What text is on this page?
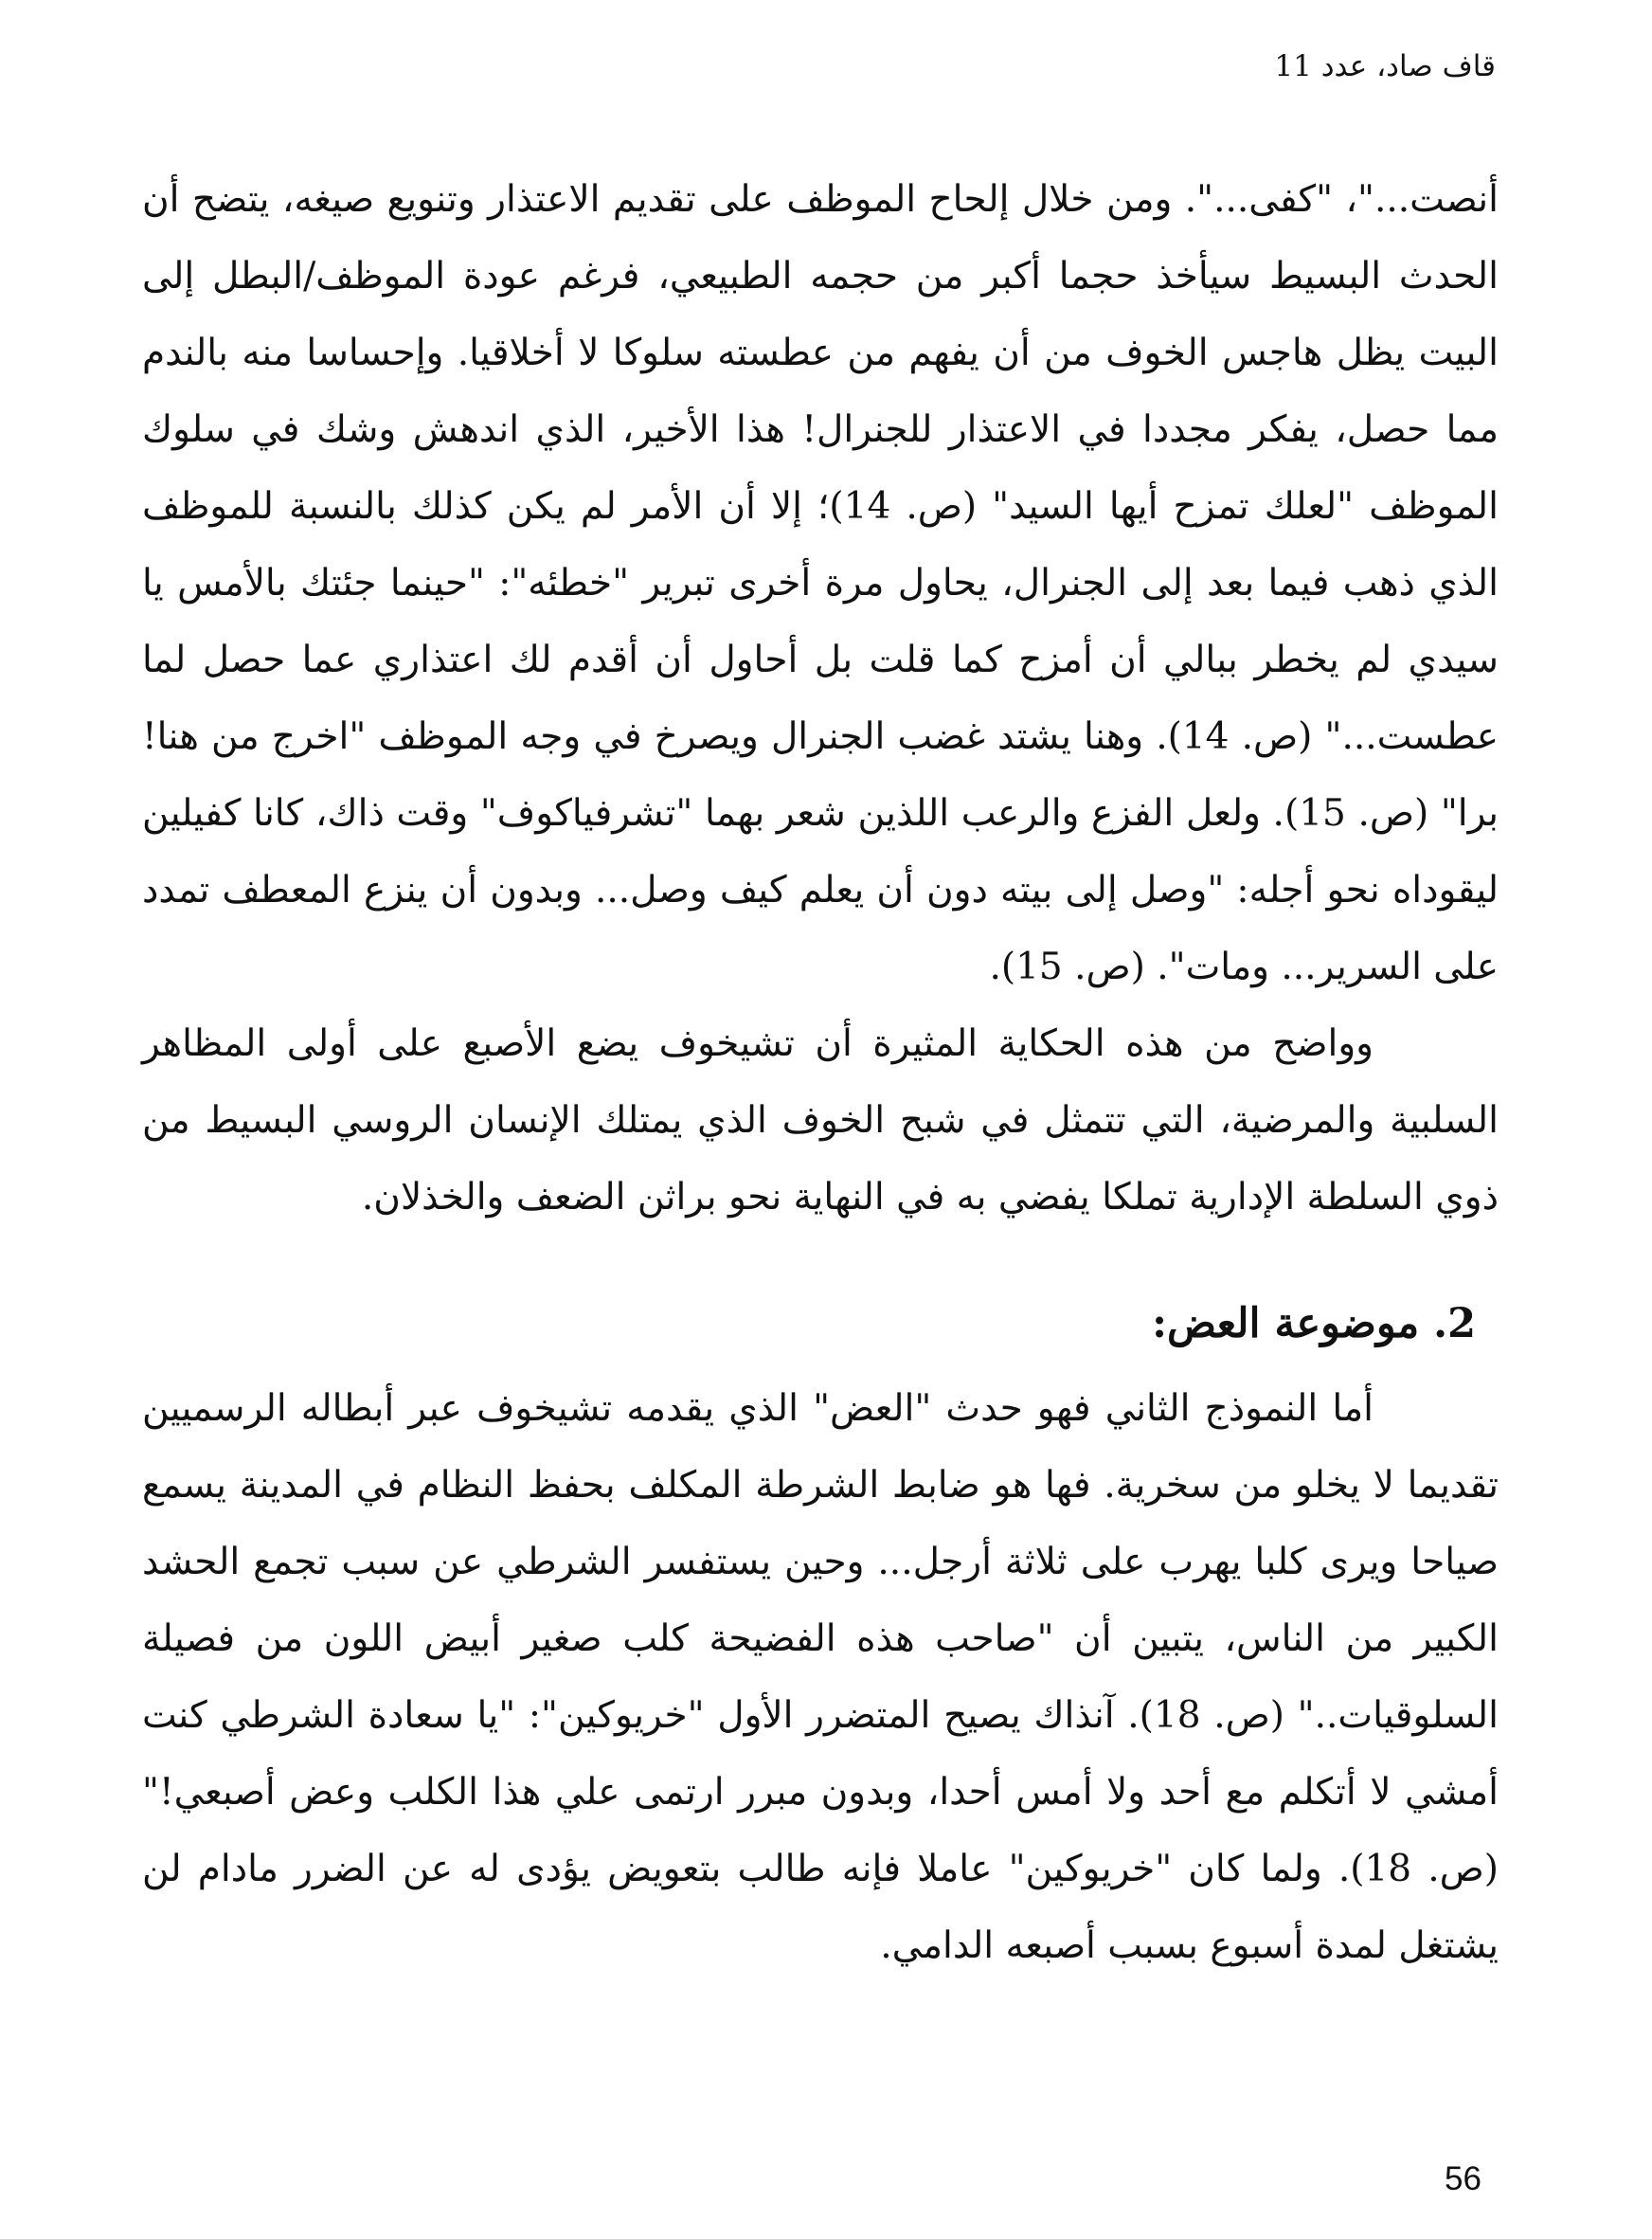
قاف صاد، عدد 11

أنصت..."، "كفى...". ومن خلال إلحاح الموظف على تقديم الاعتذار وتنويع صيغه، يتضح أن الحدث البسيط سيأخذ حجما أكبر من حجمه الطبيعي، فرغم عودة الموظف/البطل إلى البيت يظل هاجس الخوف من أن يفهم من عطسته سلوكا لا أخلاقيا. وإحساسا منه بالندم مما حصل، يفكر مجددا في الاعتذار للجنرال! هذا الأخير، الذي اندهش وشك في سلوك الموظف "لعلك تمزح أيها السيد" (ص. 14)؛ إلا أن الأمر لم يكن كذلك بالنسبة للموظف الذي ذهب فيما بعد إلى الجنرال، يحاول مرة أخرى تبرير "خطئه": "حينما جئتك بالأمس يا سيدي لم يخطر ببالي أن أمزح كما قلت بل أحاول أن أقدم لك اعتذاري عما حصل لما عطست..." (ص. 14). وهنا يشتد غضب الجنرال ويصرخ في وجه الموظف "اخرج من هنا! برا" (ص. 15). ولعل الفزع والرعب اللذين شعر بهما "تشرفياكوف" وقت ذاك، كانا كفيلين ليقوداه نحو أجله: "وصل إلى بيته دون أن يعلم كيف وصل... وبدون أن ينزع المعطف تمدد على السرير... ومات". (ص. 15).

وواضح من هذه الحكاية المثيرة أن تشيخوف يضع الأصبع على أولى المظاهر السلبية والمرضية، التي تتمثل في شبح الخوف الذي يمتلك الإنسان الروسي البسيط من ذوي السلطة الإدارية تملكا يفضي به في النهاية نحو براثن الضعف والخذلان.

2. موضوعة العض:

أما النموذج الثاني فهو حدث "العض" الذي يقدمه تشيخوف عبر أبطاله الرسميين تقديما لا يخلو من سخرية. فها هو ضابط الشرطة المكلف بحفظ النظام في المدينة يسمع صياحا ويرى كلبا يهرب على ثلاثة أرجل... وحين يستفسر الشرطي عن سبب تجمع الحشد الكبير من الناس، يتبين أن "صاحب هذه الفضيحة كلب صغير أبيض اللون من فصيلة السلوقيات.." (ص. 18). آنذاك يصيح المتضرر الأول "خريوكين": "يا سعادة الشرطي كنت أمشي لا أتكلم مع أحد ولا أمس أحدا، وبدون مبرر ارتمى علي هذا الكلب وعض أصبعي!" (ص. 18). ولما كان "خريوكين" عاملا فإنه طالب بتعويض يؤدى له عن الضرر مادام لن يشتغل لمدة أسبوع بسبب أصبعه الدامي.

56
